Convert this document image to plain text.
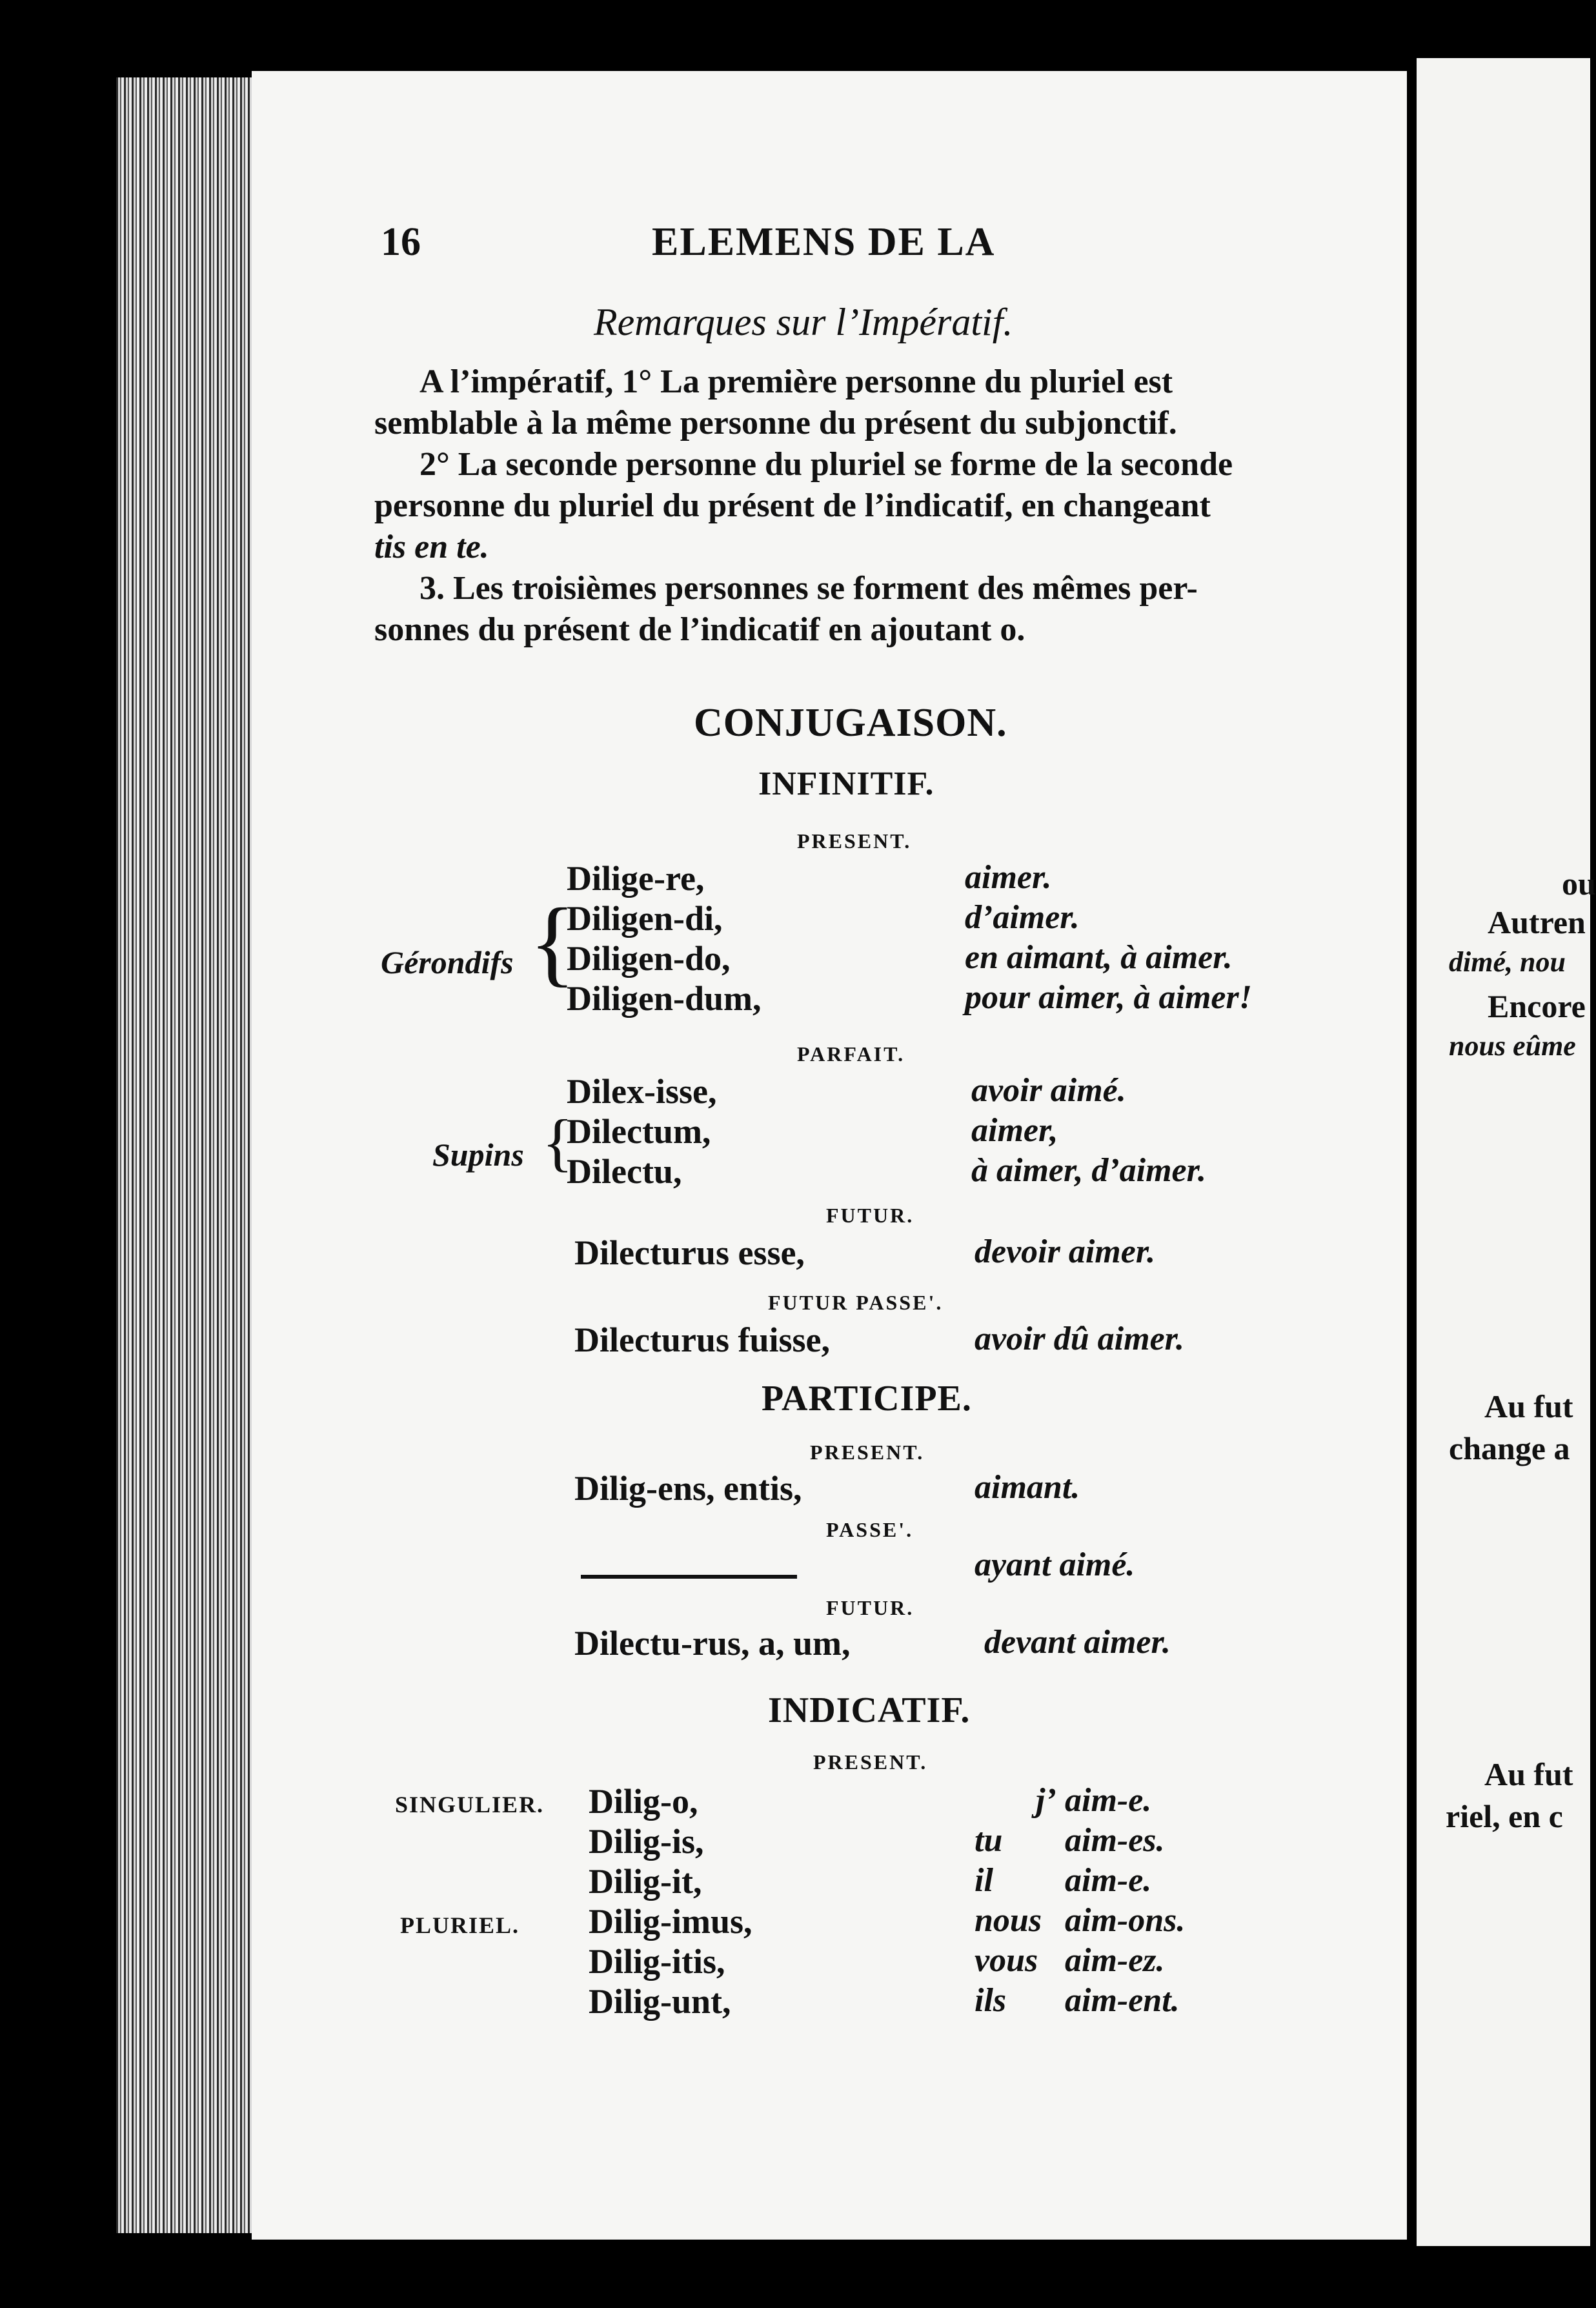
16	ELEMENS DE LA
Remarques sur l’Impératif.
A l’impératif, 1° La première personne du pluriel est
semblable à la même personne du présent du subjonctif.
2° La seconde personne du pluriel se forme de la seconde
personne du pluriel du présent de l’indicatif, en changeant
tis en te.
3. Les troisièmes personnes se forment des mêmes per-
sonnes du présent de l’indicatif en ajoutant o.
CONJUGAISON.
INFINITIF.
PRESENT.
Dilige-re,	aimer.
Diligen-di,	d’aimer.
Diligen-do,	en aimant, à aimer.
Diligen-dum,	pour aimer, à aimer!
Gérondifs {
PARFAIT.
Dilex-isse,	avoir aimé.
Dilectum,	aimer,
Dilectu,	à aimer, d’aimer.
Supins {
FUTUR.
Dilecturus esse,	devoir aimer.
FUTUR PASSE'.
Dilecturus fuisse,	avoir dû aimer.
PARTICIPE.
PRESENT.
Dilig-ens, entis,	aimant.
PASSE'.
ayant aimé.
FUTUR.
Dilectu-rus, a, um,	devant aimer.
INDICATIF.
PRESENT.
SINGULIER.
PLURIEL.
Dilig-o,	j’ aim-e.
Dilig-is,	tu aim-es.
Dilig-it,	il aim-e.
Dilig-imus,	nous aim-ons.
Dilig-itis,	vous aim-ez.
Dilig-unt,	ils aim-ent.
ou
Autren
dimé, nou
Encore
nous eûme
Au fut
change a
Au fut
riel, en c
